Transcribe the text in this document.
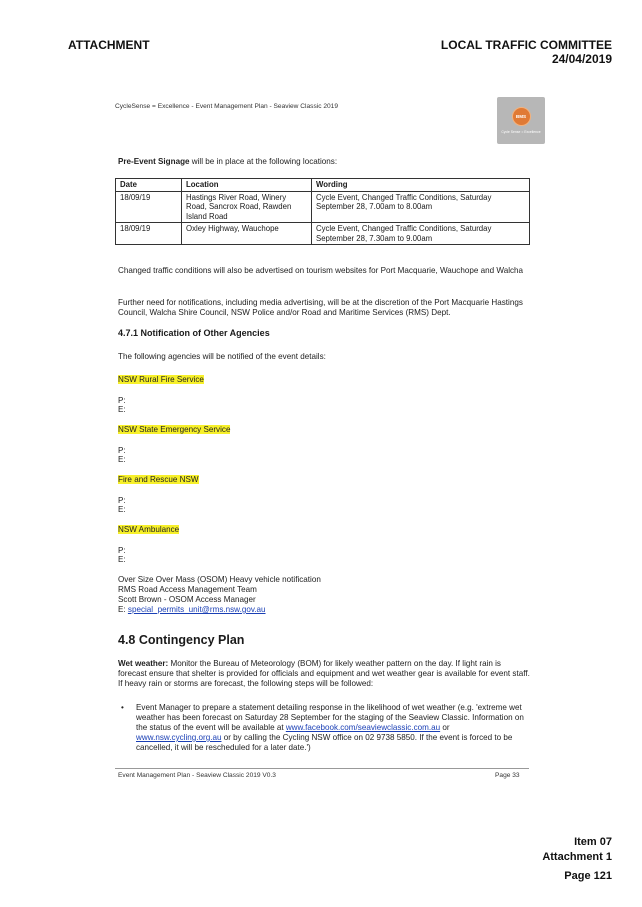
ATTACHMENT	LOCAL TRAFFIC COMMITTEE
24/04/2019
CycleSense = Excellence - Event Management Plan - Seaview Classic 2019
BMS
Cycle Sense = Excellence
Pre-Event Signage will be in place at the following locations:
Date	Location	Wording
18/09/19	Hastings River Road, Winery Road, Sancrox Road, Rawden Island Road	Cycle Event, Changed Traffic Conditions, Saturday September 28, 7.00am to 8.00am
18/09/19	Oxley Highway, Wauchope	Cycle Event, Changed Traffic Conditions, Saturday September 28, 7.30am to 9.00am
Changed traffic conditions will also be advertised on tourism websites for Port Macquarie, Wauchope and Walcha
Further need for notifications, including media advertising, will be at the discretion of the Port Macquarie Hastings Council, Walcha Shire Council, NSW Police and/or Road and Maritime Services (RMS) Dept.
4.7.1 Notification of Other Agencies
The following agencies will be notified of the event details:
NSW Rural Fire Service
P:
E:
NSW State Emergency Service
P:
E:
Fire and Rescue NSW
P:
E:
NSW Ambulance
P:
E:
Over Size Over Mass (OSOM) Heavy vehicle notification
RMS Road Access Management Team
Scott Brown - OSOM Access Manager
E: special_permits_unit@rms.nsw.gov.au
4.8 Contingency Plan
Wet weather: Monitor the Bureau of Meteorology (BOM) for likely weather pattern on the day. If light rain is forecast ensure that shelter is provided for officials and equipment and wet weather gear is available for event staff. If heavy rain or storms are forecast, the following steps will be followed:
• Event Manager to prepare a statement detailing response in the likelihood of wet weather (e.g. 'extreme wet weather has been forecast on Saturday 28 September for the staging of the Seaview Classic. Information on the status of the event will be available at www.facebook.com/seaviewclassic.com.au or www.nsw.cycling.org.au or by calling the Cycling NSW office on 02 9738 5850. If the event is forced to be cancelled, it will be rescheduled for a later date.')
Event Management Plan - Seaview Classic 2019 V0.3	Page 33
Item 07
Attachment 1
Page 121
